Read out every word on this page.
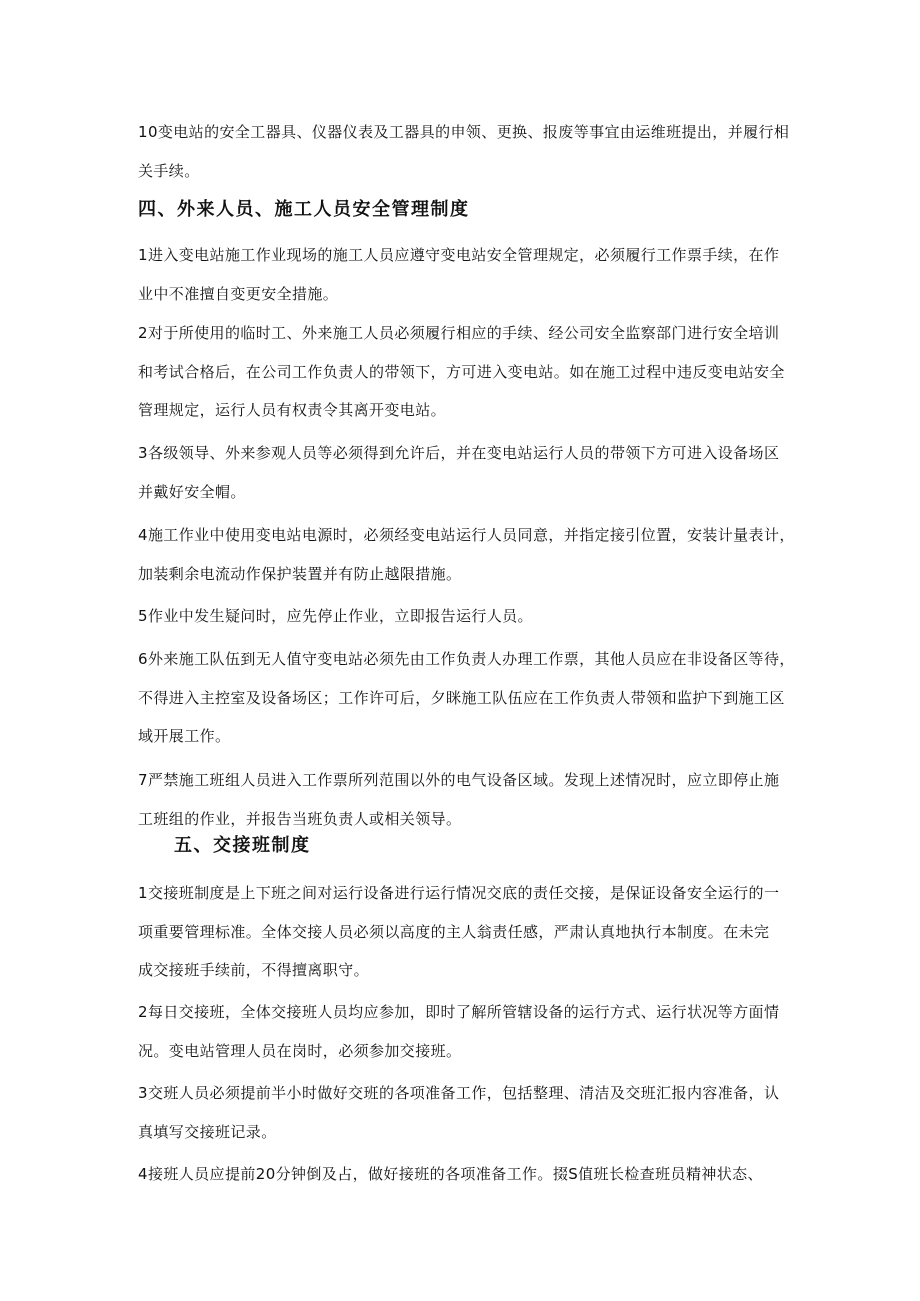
10变电站的安全工器具、仪器仪表及工器具的申领、更换、报废等事宜由运维班提出，并履行相
关手续。

四、外来人员、施工人员安全管理制度

1进入变电站施工作业现场的施工人员应遵守变电站安全管理规定，必须履行工作票手续，在作
业中不准擅自变更安全措施。

2对于所使用的临时工、外来施工人员必须履行相应的手续、经公司安全监察部门进行安全培训
和考试合格后，在公司工作负责人的带领下，方可进入变电站。如在施工过程中违反变电站安全
管理规定，运行人员有权责令其离开变电站。

3各级领导、外来参观人员等必须得到允许后，并在变电站运行人员的带领下方可进入设备场区
并戴好安全帽。

4施工作业中使用变电站电源时，必须经变电站运行人员同意，并指定接引位置，安装计量表计，
加装剩余电流动作保护装置并有防止越限措施。

5作业中发生疑问时，应先停止作业，立即报告运行人员。

6外来施工队伍到无人值守变电站必须先由工作负责人办理工作票，其他人员应在非设备区等待，
不得进入主控室及设备场区；工作许可后，夕眯施工队伍应在工作负责人带领和监护下到施工区
域开展工作。

7严禁施工班组人员进入工作票所列范围以外的电气设备区域。发现上述情况时，应立即停止施
工班组的作业，并报告当班负责人或相关领导。

五、交接班制度

1交接班制度是上下班之间对运行设备进行运行情况交底的责任交接，是保证设备安全运行的一
项重要管理标准。全体交接人员必须以高度的主人翁责任感，严肃认真地执行本制度。在未完
成交接班手续前，不得擅离职守。

2每日交接班，全体交接班人员均应参加，即时了解所管辖设备的运行方式、运行状况等方面情
况。变电站管理人员在岗时，必须参加交接班。

3交班人员必须提前半小时做好交班的各项准备工作，包括整理、清洁及交班汇报内容准备，认
真填写交接班记录。

4接班人员应提前20分钟倒及占，做好接班的各项准备工作。掇S值班长检查班员精神状态、
